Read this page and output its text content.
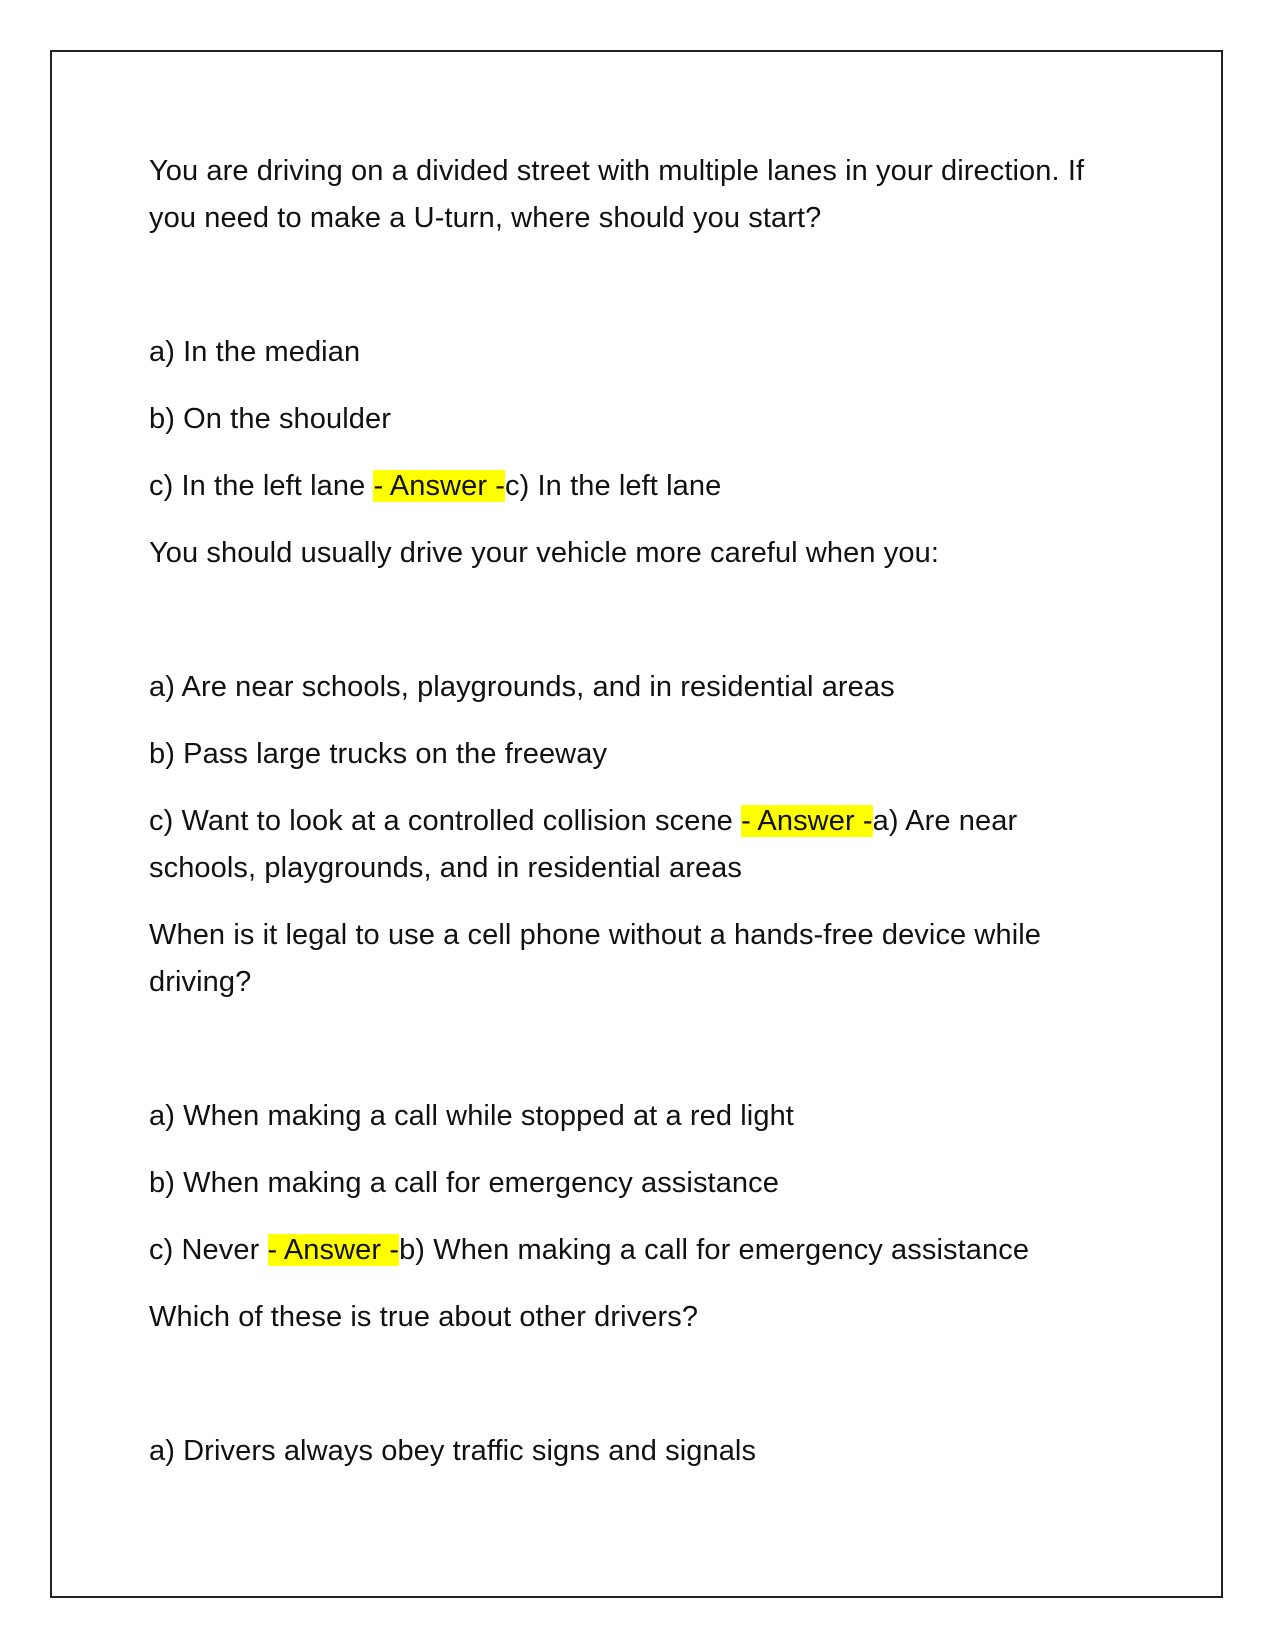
You are driving on a divided street with multiple lanes in your direction. If you need to make a U-turn, where should you start?

a) In the median

b) On the shoulder

c) In the left lane - Answer -c) In the left lane

You should usually drive your vehicle more careful when you:

a) Are near schools, playgrounds, and in residential areas

b) Pass large trucks on the freeway

c) Want to look at a controlled collision scene - Answer -a) Are near schools, playgrounds, and in residential areas

When is it legal to use a cell phone without a hands-free device while driving?

a) When making a call while stopped at a red light

b) When making a call for emergency assistance

c) Never - Answer -b) When making a call for emergency assistance

Which of these is true about other drivers?

a) Drivers always obey traffic signs and signals
